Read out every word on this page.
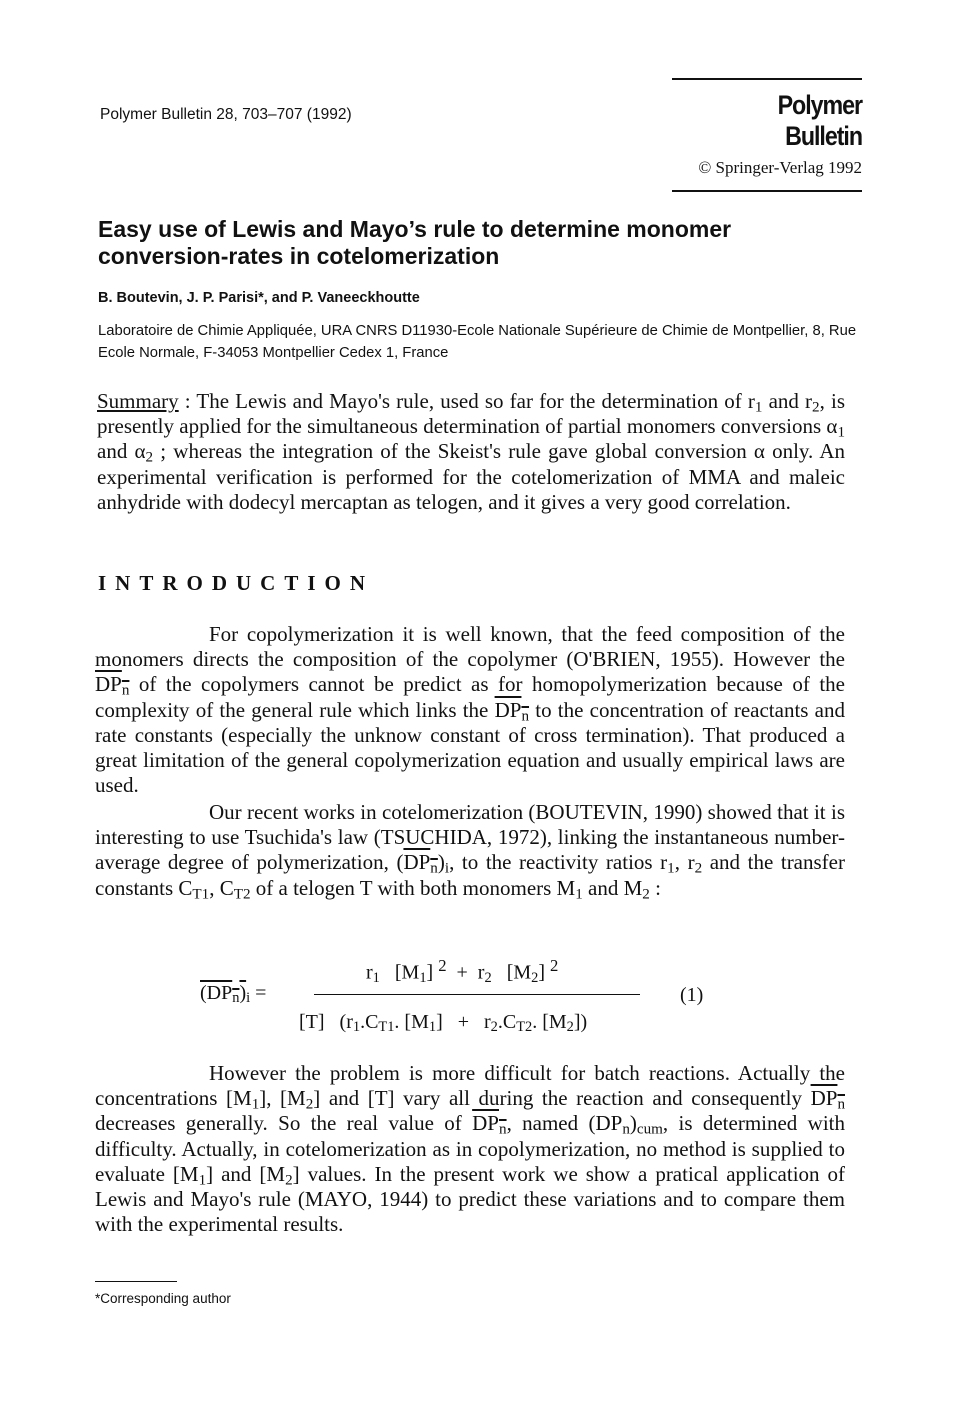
Polymer Bulletin 28, 703–707 (1992)	Polymer Bulletin
© Springer-Verlag 1992
Easy use of Lewis and Mayo’s rule to determine monomer
conversion-rates in cotelomerization
B. Boutevin, J. P. Parisi*, and P. Vaneeckhoutte
Laboratoire de Chimie Appliquée, URA CNRS D11930-Ecole Nationale Supérieure de Chimie de Montpellier, 8, Rue Ecole Normale, F-34053 Montpellier Cedex 1, France
Summary : The Lewis and Mayo's rule, used so far for the determination of $r_1$ and $r_2$, is presently applied for the simultaneous determination of partial monomers conversions $\alpha_1$ and $\alpha_2$ ; whereas the integration of the Skeist's rule gave global conversion α only. An experimental verification is performed for the cotelomerization of MMA and maleic anhydride with dodecyl mercaptan as telogen, and it gives a very good correlation.
INTRODUCTION
For copolymerization it is well known, that the feed composition of the monomers directs the composition of the copolymer (O'BRIEN, 1955). However the $DP_n$ of the copolymers cannot be predict as for homopolymerization because of the complexity of the general rule which links the $DP_n$ to the concentration of reactants and rate constants (especially the unknow constant of cross termination). That produced a great limitation of the general copolymerization equation and usually empirical laws are used.
Our recent works in cotelomerization (BOUTEVIN, 1990) showed that it is interesting to use Tsuchida's law (TSUCHIDA, 1972), linking the instantaneous number-average degree of polymerization, $(DP_n)_i$, to the reactivity ratios $r_1$, $r_2$ and the transfer constants $C_{T1}$, $C_{T2}$ of a telogen T with both monomers $M_1$ and $M_2$ :
$(DP_n)_i$ =
$r_1$   $[M_1] ^2 + r_2$   $[M_2]$ $^2$
[T]   ($r_1.C_{T1}$. $[M_1] + r_2.C_{T2}$. $[M_2]$)
(1)
However the problem is more difficult for batch reactions. Actually the concentrations $[M_1]$, $[M_2]$ and [T] vary all during the reaction and consequently $DP_n$ decreases generally. So the real value of $DP_n$, named $(DP_n)_{cum}$, is determined with difficulty. Actually, in cotelomerization as in copolymerization, no method is supplied to evaluate $[M_1]$ and $[M_2]$ values. In the present work we show a pratical application of Lewis and Mayo's rule (MAYO, 1944) to predict these variations and to compare them with the experimental results.
*Corresponding author
